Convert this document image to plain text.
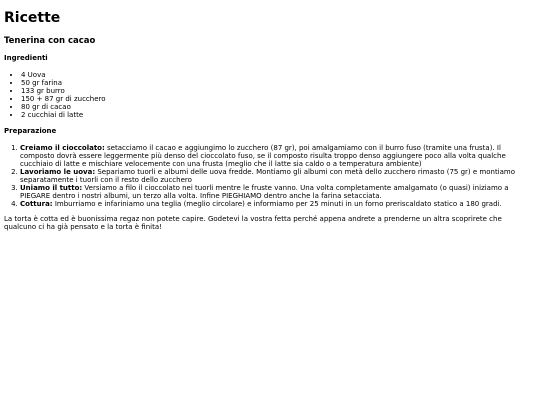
Ricette
Tenerina con cacao
Ingredienti
• 4 Uova
• 50 gr farina
• 133 gr burro
• 150 + 87 gr di zucchero
• 80 gr di cacao
• 2 cucchiai di latte
Preparazione
1. Creiamo il cioccolato: setacciamo il cacao e aggiungimo lo zucchero (87 gr), poi amalgamiamo con il burro fuso (tramite una frusta). Il composto dovrà essere leggermente più denso del cioccolato fuso, se il composto risulta troppo denso aggiungere poco alla volta qualche cucchiaio di latte e mischiare velocemente con una frusta (meglio che il latte sia caldo o a temperatura ambiente)
2. Lavoriamo le uova: Separiamo tuorli e albumi delle uova fredde. Montiamo gli albumi con metà dello zucchero rimasto (75 gr) e montiamo separatamente i tuorli con il resto dello zucchero
3. Uniamo il tutto: Versiamo a filo il cioccolato nei tuorli mentre le fruste vanno. Una volta completamente amalgamato (o quasi) iniziamo a PIEGARE dentro i nostri albumi, un terzo alla volta. Infine PIEGHIAMO dentro anche la farina setacciata.
4. Cottura: Imburriamo e infariniamo una teglia (meglio circolare) e informiamo per 25 minuti in un forno preriscaldato statico a 180 gradi.

La torta è cotta ed è buonissima regaz non potete capire. Godetevi la vostra fetta perché appena andrete a prenderne un altra scoprirete che qualcuno ci ha già pensato e la torta è finita!
